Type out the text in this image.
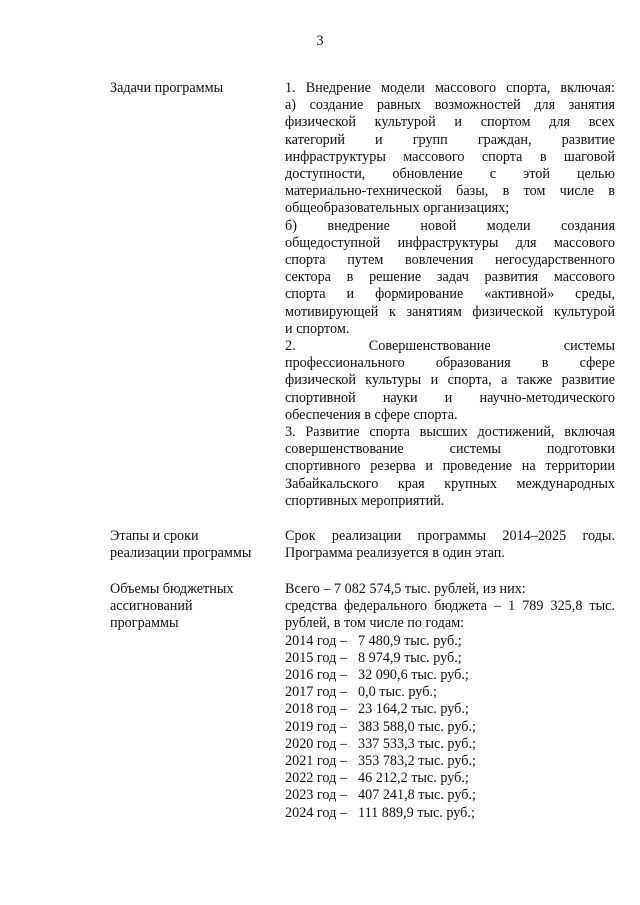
3
Задачи программы	1. Внедрение модели массового спорта, включая:
а) создание равных возможностей для занятия
физической культурой и спортом для всех
категорий и групп граждан, развитие
инфраструктуры массового спорта в шаговой
доступности, обновление с этой целью
материально-технической базы, в том числе в
общеобразовательных организациях;
б) внедрение новой модели создания
общедоступной инфраструктуры для массового
спорта путем вовлечения негосударственного
сектора в решение задач развития массового
спорта и формирование «активной» среды,
мотивирующей к занятиям физической культурой
и спортом.
2. Совершенствование системы
профессионального образования в сфере
физической культуры и спорта, а также развитие
спортивной науки и научно-методического
обеспечения в сфере спорта.
3. Развитие спорта высших достижений, включая
совершенствование системы подготовки
спортивного резерва и проведение на территории
Забайкальского края крупных международных
спортивных мероприятий.
Этапы и сроки
реализации программы
Срок реализации программы 2014–2025 годы.
Программа реализуется в один этап.
Объемы бюджетных
ассигнований
программы
Всего – 7 082 574,5 тыс. рублей, из них:
средства федерального бюджета – 1 789 325,8 тыс.
рублей, в том числе по годам:
2014 год – 7 480,9 тыс. руб.;
2015 год – 8 974,9 тыс. руб.;
2016 год – 32 090,6 тыс. руб.;
2017 год – 0,0 тыс. руб.;
2018 год – 23 164,2 тыс. руб.;
2019 год – 383 588,0 тыс. руб.;
2020 год – 337 533,3 тыс. руб.;
2021 год – 353 783,2 тыс. руб.;
2022 год – 46 212,2 тыс. руб.;
2023 год – 407 241,8 тыс. руб.;
2024 год – 111 889,9 тыс. руб.;
